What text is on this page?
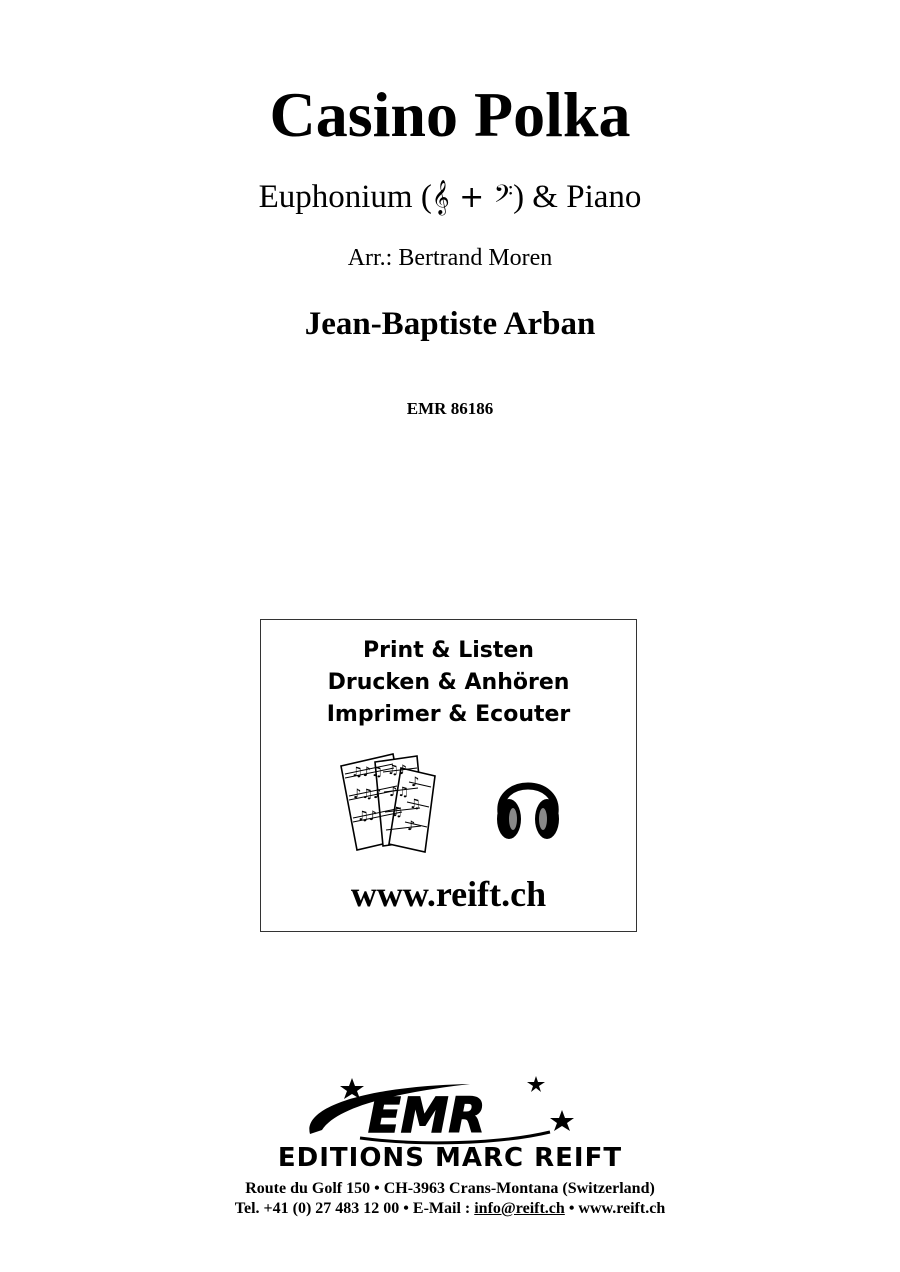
Casino Polka
Euphonium (𝄞 + 𝄢) & Piano
Arr.: Bertrand Moren
Jean-Baptiste Arban
EMR 86186
Print & Listen
Drucken & Anhören
Imprimer & Ecouter
♫♪♫
♪♫♪
♫♪
♫♪
♪♫
♫
♪
♫
♪
www.reift.ch
EMR
EDITIONS MARC REIFT
Route du Golf 150 • CH-3963 Crans-Montana (Switzerland)
Tel. +41 (0) 27 483 12 00 • E-Mail : info@reift.ch • www.reift.ch
